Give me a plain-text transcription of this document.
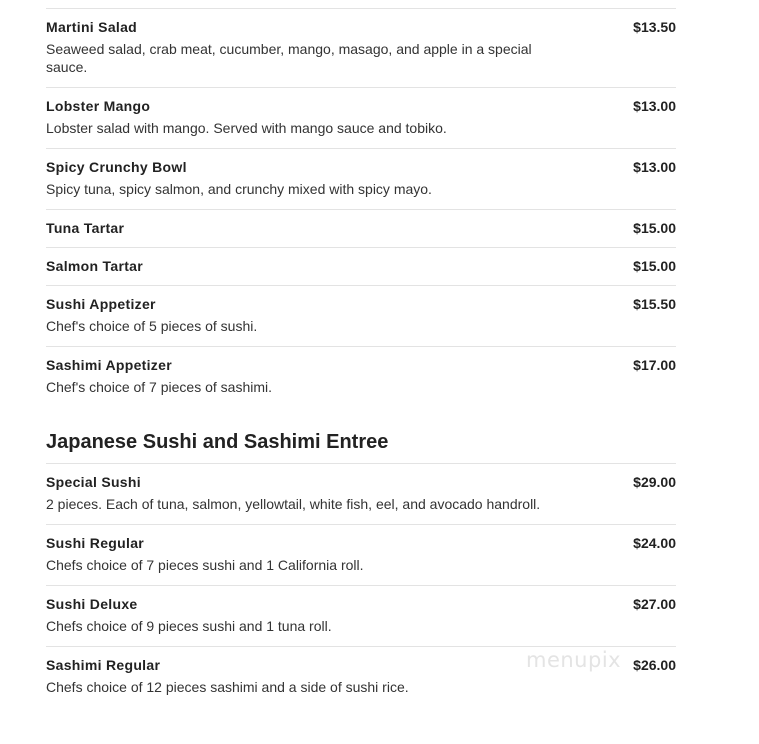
Martini Salad	$13.50
Seaweed salad, crab meat, cucumber, mango, masago, and apple in a special sauce.
Lobster Mango	$13.00
Lobster salad with mango. Served with mango sauce and tobiko.
Spicy Crunchy Bowl	$13.00
Spicy tuna, spicy salmon, and crunchy mixed with spicy mayo.
Tuna Tartar	$15.00
Salmon Tartar	$15.00
Sushi Appetizer	$15.50
Chef's choice of 5 pieces of sushi.
Sashimi Appetizer	$17.00
Chef's choice of 7 pieces of sashimi.
Japanese Sushi and Sashimi Entree
Special Sushi	$29.00
2 pieces. Each of tuna, salmon, yellowtail, white fish, eel, and avocado handroll.
Sushi Regular	$24.00
Chefs choice of 7 pieces sushi and 1 California roll.
Sushi Deluxe	$27.00
Chefs choice of 9 pieces sushi and 1 tuna roll.
Sashimi Regular	$26.00
Chefs choice of 12 pieces sashimi and a side of sushi rice.
menupix
